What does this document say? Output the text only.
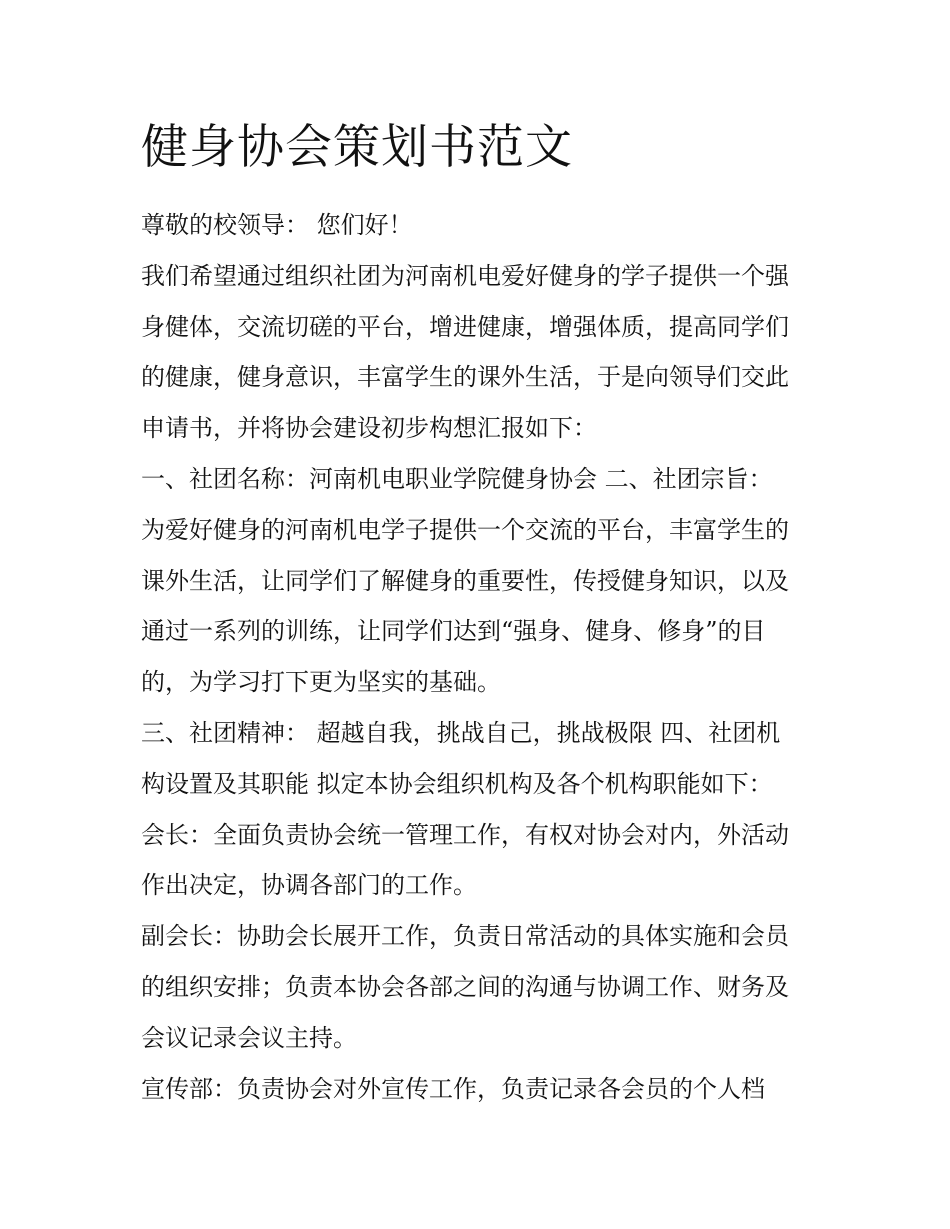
健身协会策划书范文

尊敬的校领导： 您们好！

我们希望通过组织社团为河南机电爱好健身的学子提供一个强

身健体，交流切磋的平台，增进健康，增强体质，提高同学们

的健康，健身意识，丰富学生的课外生活，于是向领导们交此

申请书，并将协会建设初步构想汇报如下：

一、社团名称：河南机电职业学院健身协会 二、社团宗旨：

为爱好健身的河南机电学子提供一个交流的平台，丰富学生的

课外生活，让同学们了解健身的重要性，传授健身知识，以及

通过一系列的训练，让同学们达到“强身、健身、修身”的目

的，为学习打下更为坚实的基础。

三、社团精神： 超越自我，挑战自己，挑战极限 四、社团机

构设置及其职能 拟定本协会组织机构及各个机构职能如下：

会长：全面负责协会统一管理工作，有权对协会对内，外活动

作出决定，协调各部门的工作。

副会长：协助会长展开工作，负责日常活动的具体实施和会员

的组织安排；负责本协会各部之间的沟通与协调工作、财务及

会议记录会议主持。

宣传部：负责协会对外宣传工作，负责记录各会员的个人档
